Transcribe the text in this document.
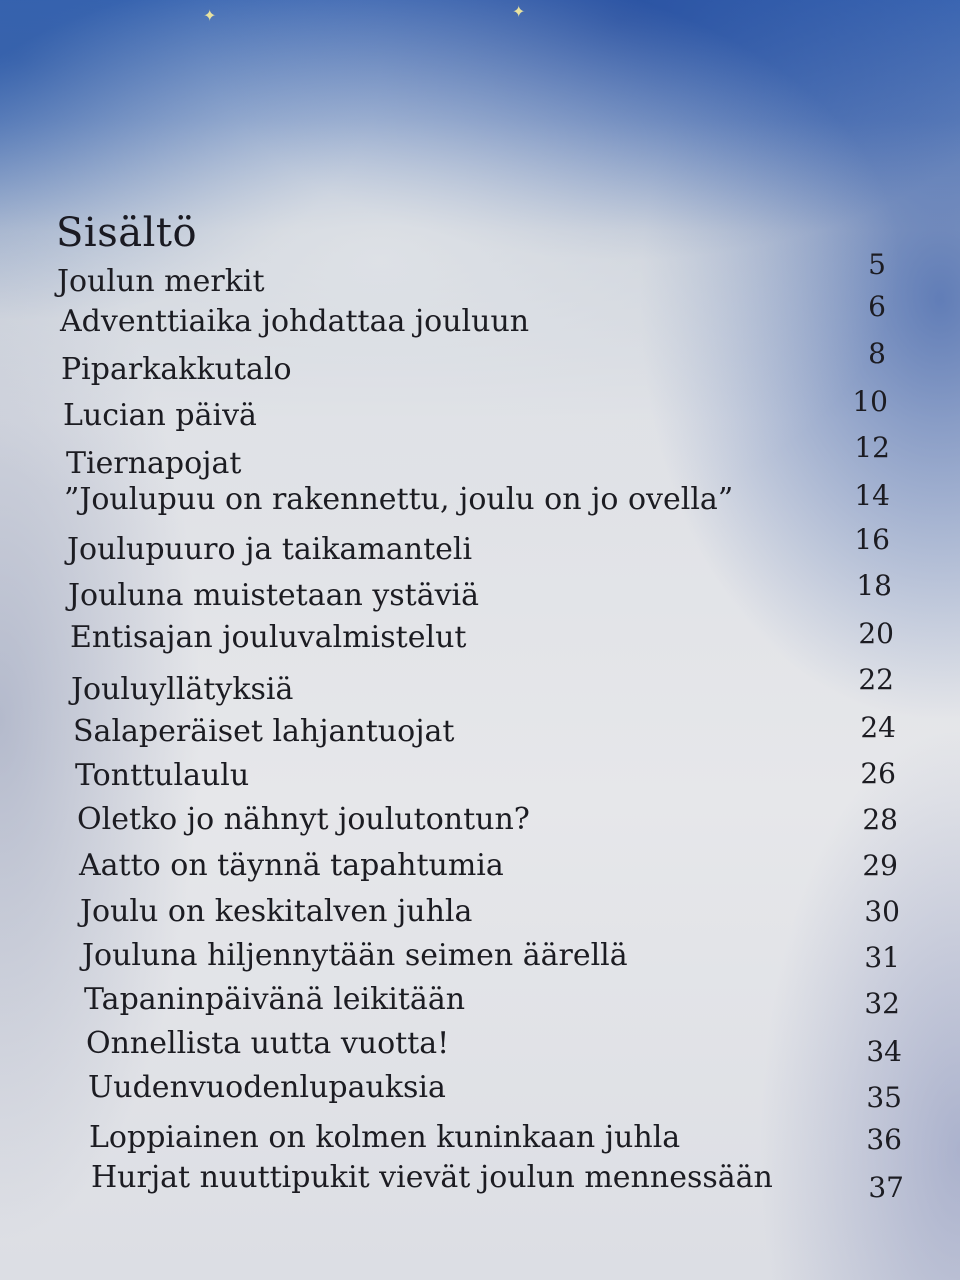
✦	✦
Sisältö
Joulun merkit	5
Adventtiaika johdattaa jouluun	6
Piparkakkutalo	8
Lucian päivä	10
Tiernapojat	12
”Joulupuu on rakennettu, joulu on jo ovella”	14
Joulupuuro ja taikamanteli	16
Jouluna muistetaan ystäviä	18
Entisajan jouluvalmistelut	20
Jouluyllätyksiä	22
Salaperäiset lahjantuojat	24
Tonttulaulu	26
Oletko jo nähnyt joulutontun?	28
Aatto on täynnä tapahtumia	29
Joulu on keskitalven juhla	30
Jouluna hiljennytään seimen äärellä	31
Tapaninpäivänä leikitään	32
Onnellista uutta vuotta!	34
Uudenvuodenlupauksia	35
Loppiainen on kolmen kuninkaan juhla	36
Hurjat nuuttipukit vievät joulun mennessään	37
